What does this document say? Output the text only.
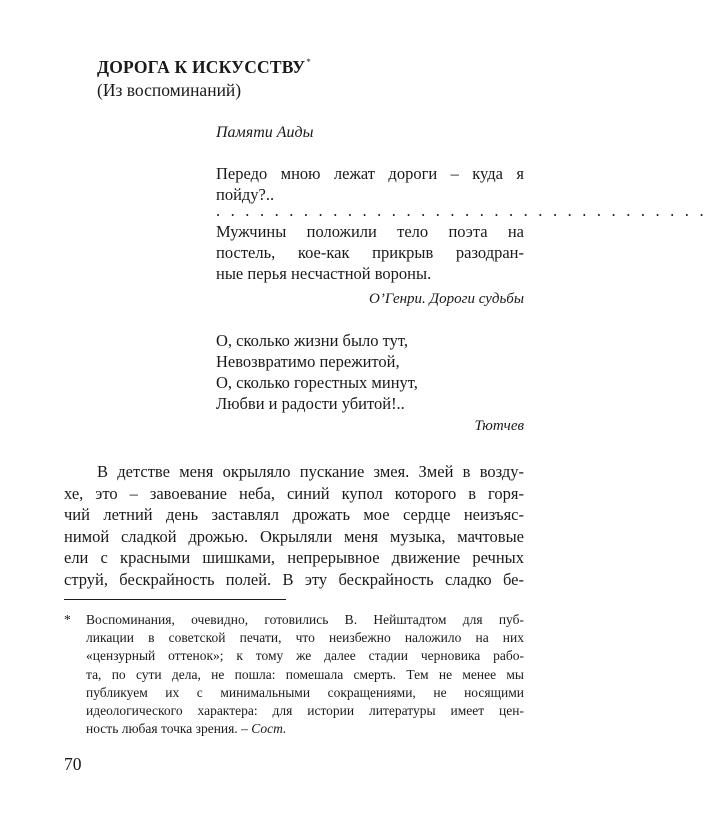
ДОРОГА К ИСКУССТВУ*
(Из воспоминаний)
Памяти Аиды
Передо мною лежат дороги – куда я
пойду?..
. . . . . . . . . . . . . . . . . . . . . . . . . . . . . . . . . .
Мужчины положили тело поэта на
постель, кое-как прикрыв разодран-
ные перья несчастной вороны.
О’Генри. Дороги судьбы
О, сколько жизни было тут,
Невозвратимо пережитой,
О, сколько горестных минут,
Любви и радости убитой!..
Тютчев
В детстве меня окрыляло пускание змея. Змей в возду-
хе, это – завоевание неба, синий купол которого в горя-
чий летний день заставлял дрожать мое сердце неизъяс-
нимой сладкой дрожью. Окрыляли меня музыка, мачтовые
ели с красными шишками, непрерывное движение речных
струй, бескрайность полей. В эту бескрайность сладко бе-
* Воспоминания, очевидно, готовились В. Нейштадтом для пуб-
ликации в советской печати, что неизбежно наложило на них
«цензурный оттенок»; к тому же далее стадии черновика рабо-
та, по сути дела, не пошла: помешала смерть. Тем не менее мы
публикуем их с минимальными сокращениями, не носящими
идеологического характера: для истории литературы имеет цен-
ность любая точка зрения. – Сост.
70
